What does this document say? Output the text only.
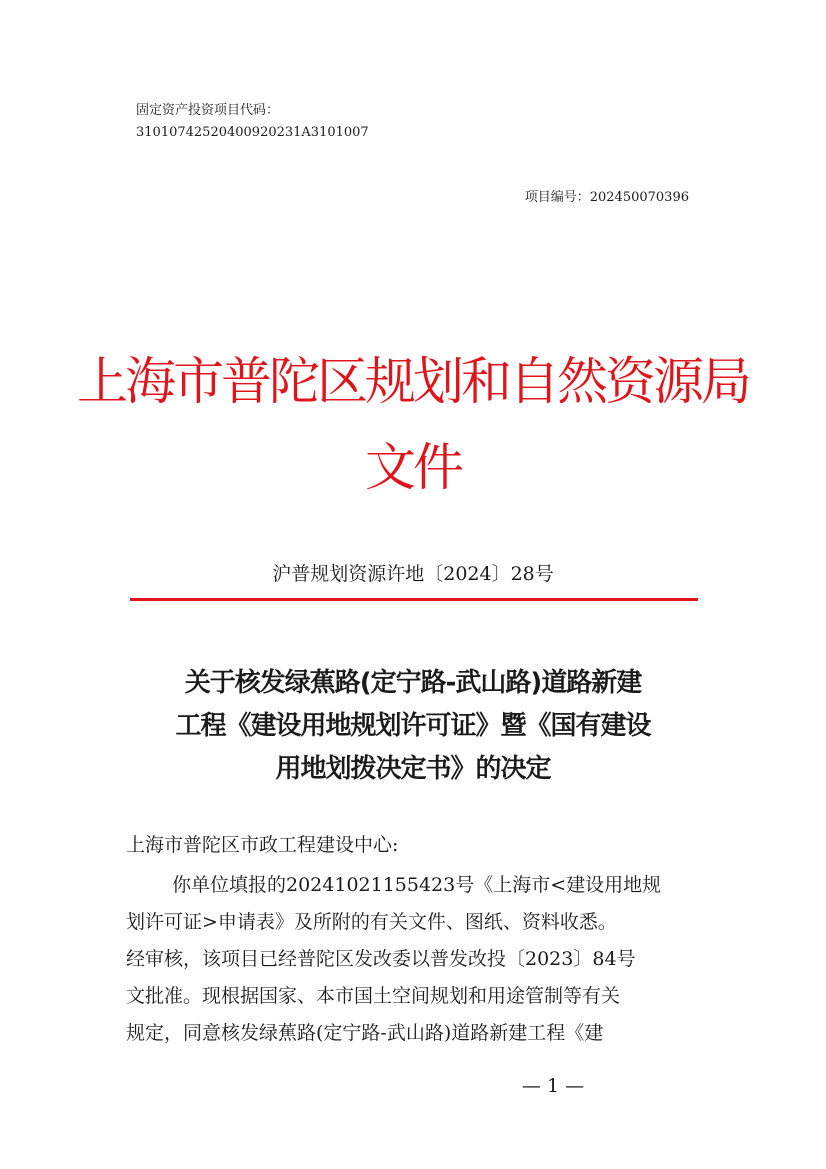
固定资产投资项目代码：
31010742520400920231A3101007
项目编号：202450070396
上海市普陀区规划和自然资源局
文件
沪普规划资源许地〔2024〕28号
关于核发绿蕉路(定宁路-武山路)道路新建
工程《建设用地规划许可证》暨《国有建设
用地划拨决定书》的决定
上海市普陀区市政工程建设中心:
你单位填报的20241021155423号《上海市<建设用地规
划许可证>申请表》及所附的有关文件、图纸、资料收悉。
经审核，该项目已经普陀区发改委以普发改投〔2023〕84号
文批准。现根据国家、本市国土空间规划和用途管制等有关
规定，同意核发绿蕉路(定宁路-武山路)道路新建工程《建
— 1 —
